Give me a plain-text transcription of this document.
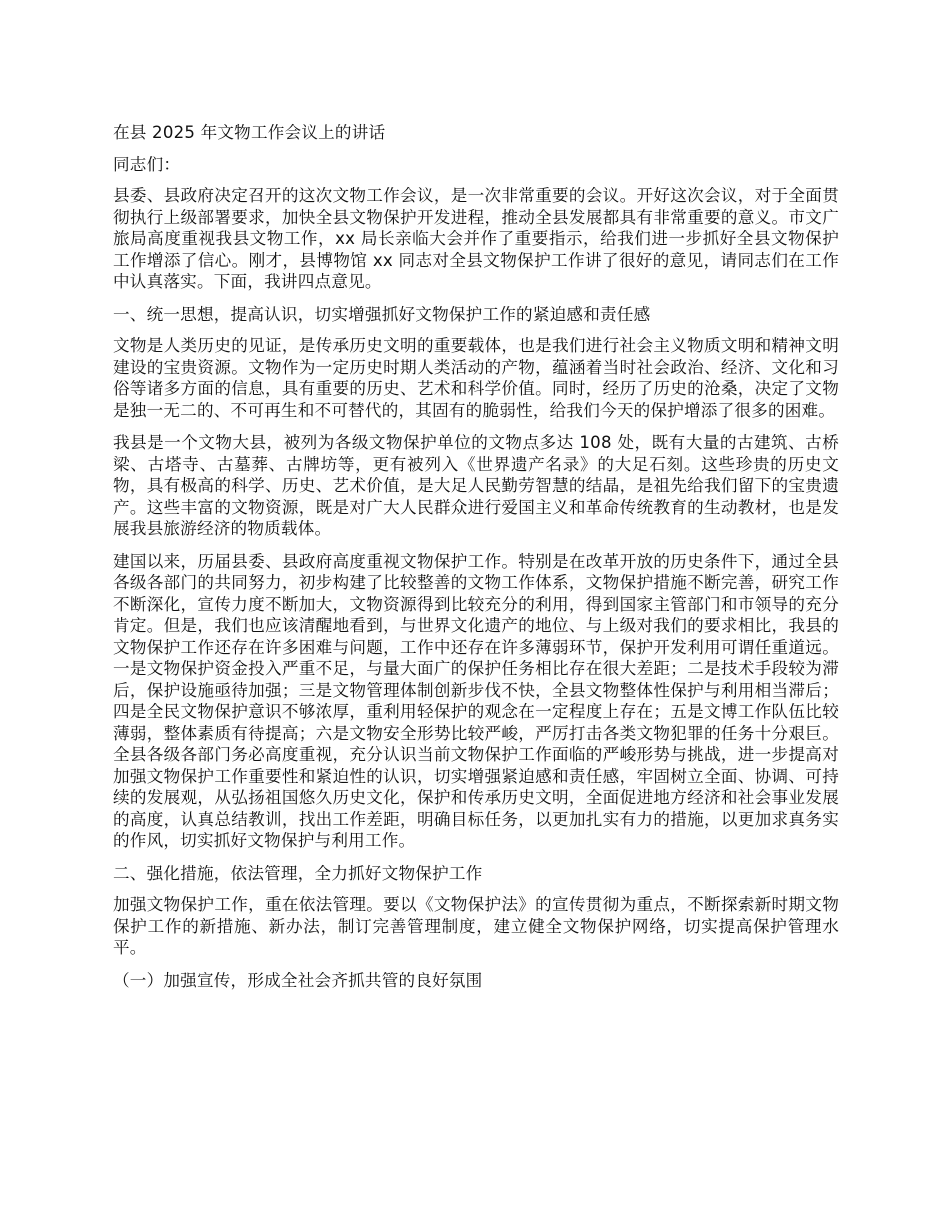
在县 2025 年文物工作会议上的讲话

同志们：

县委、县政府决定召开的这次文物工作会议，是一次非常重要的会议。开好这次会议，对于全面贯彻执行上级部署要求，加快全县文物保护开发进程，推动全县发展都具有非常重要的意义。市文广旅局高度重视我县文物工作，xx 局长亲临大会并作了重要指示，给我们进一步抓好全县文物保护工作增添了信心。刚才，县博物馆 xx 同志对全县文物保护工作讲了很好的意见，请同志们在工作中认真落实。下面，我讲四点意见。

一、统一思想，提高认识，切实增强抓好文物保护工作的紧迫感和责任感

文物是人类历史的见证，是传承历史文明的重要载体，也是我们进行社会主义物质文明和精神文明建设的宝贵资源。文物作为一定历史时期人类活动的产物，蕴涵着当时社会政治、经济、文化和习俗等诸多方面的信息，具有重要的历史、艺术和科学价值。同时，经历了历史的沧桑，决定了文物是独一无二的、不可再生和不可替代的，其固有的脆弱性，给我们今天的保护增添了很多的困难。

我县是一个文物大县，被列为各级文物保护单位的文物点多达 108 处，既有大量的古建筑、古桥梁、古塔寺、古墓葬、古牌坊等，更有被列入《世界遗产名录》的大足石刻。这些珍贵的历史文物，具有极高的科学、历史、艺术价值，是大足人民勤劳智慧的结晶，是祖先给我们留下的宝贵遗产。这些丰富的文物资源，既是对广大人民群众进行爱国主义和革命传统教育的生动教材，也是发展我县旅游经济的物质载体。

建国以来，历届县委、县政府高度重视文物保护工作。特别是在改革开放的历史条件下，通过全县各级各部门的共同努力，初步构建了比较整善的文物工作体系，文物保护措施不断完善，研究工作不断深化，宣传力度不断加大，文物资源得到比较充分的利用，得到国家主管部门和市领导的充分肯定。但是，我们也应该清醒地看到，与世界文化遗产的地位、与上级对我们的要求相比，我县的文物保护工作还存在许多困难与问题，工作中还存在许多薄弱环节，保护开发利用可谓任重道远。一是文物保护资金投入严重不足，与量大面广的保护任务相比存在很大差距；二是技术手段较为滞后，保护设施亟待加强；三是文物管理体制创新步伐不快，全县文物整体性保护与利用相当滞后；四是全民文物保护意识不够浓厚，重利用轻保护的观念在一定程度上存在；五是文博工作队伍比较薄弱，整体素质有待提高；六是文物安全形势比较严峻，严厉打击各类文物犯罪的任务十分艰巨。全县各级各部门务必高度重视，充分认识当前文物保护工作面临的严峻形势与挑战，进一步提高对加强文物保护工作重要性和紧迫性的认识，切实增强紧迫感和责任感，牢固树立全面、协调、可持续的发展观，从弘扬祖国悠久历史文化，保护和传承历史文明，全面促进地方经济和社会事业发展的高度，认真总结教训，找出工作差距，明确目标任务，以更加扎实有力的措施，以更加求真务实的作风，切实抓好文物保护与利用工作。

二、强化措施，依法管理，全力抓好文物保护工作

加强文物保护工作，重在依法管理。要以《文物保护法》的宣传贯彻为重点，不断探索新时期文物保护工作的新措施、新办法，制订完善管理制度，建立健全文物保护网络，切实提高保护管理水平。

（一）加强宣传，形成全社会齐抓共管的良好氛围
